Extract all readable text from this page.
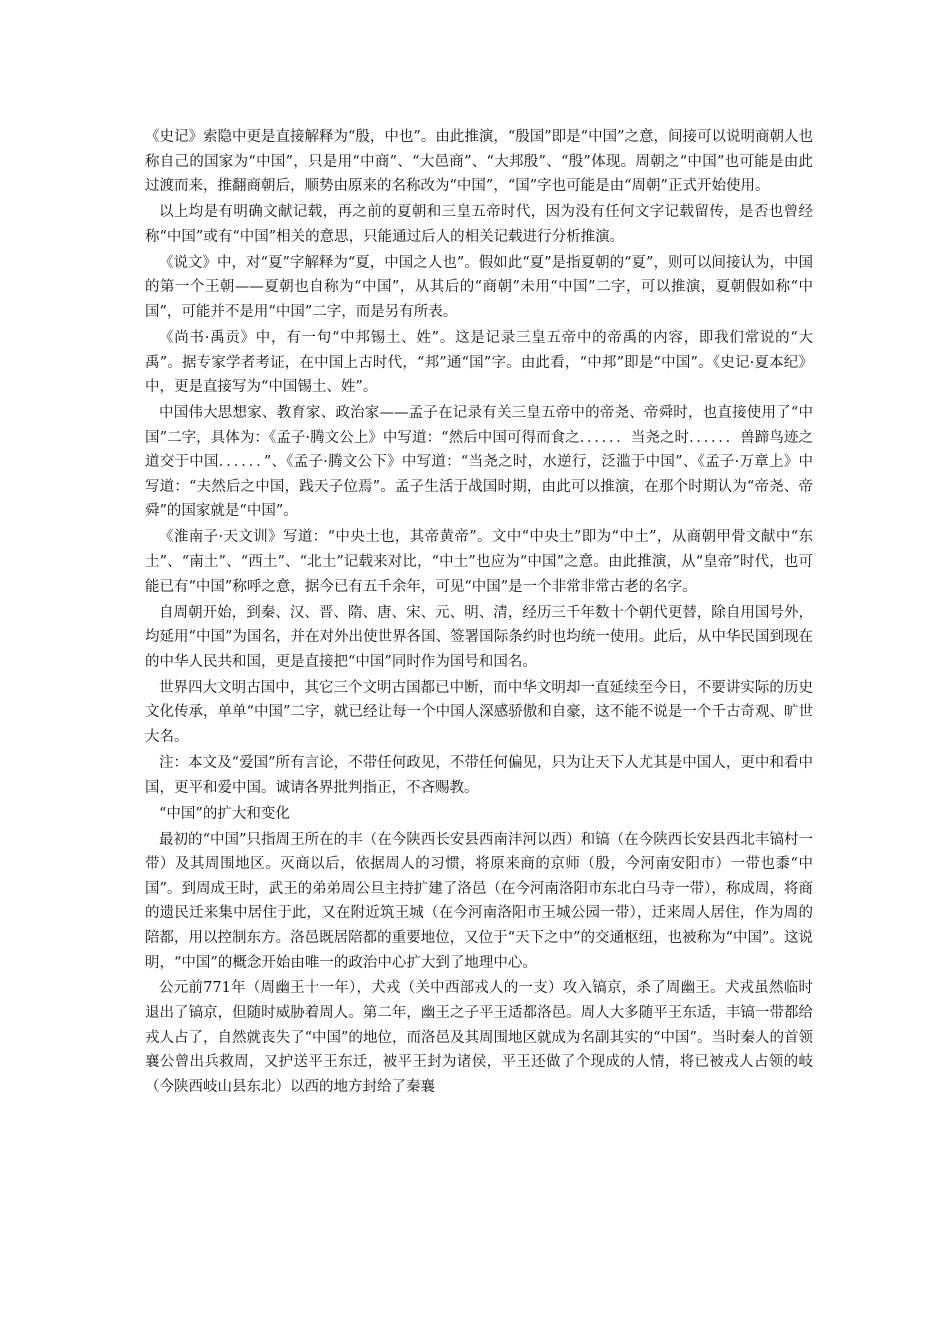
《史记》索隐中更是直接解释为“殷，中也”。由此推演，“殷国”即是“中国”之意，间接可以说明商朝人也称自己的国家为“中国”，只是用“中商”、“大邑商”、“大邦殷”、“殷”体现。周朝之“中国”也可能是由此过渡而来，推翻商朝后，顺势由原来的名称改为“中国”，“国”字也可能是由“周朝”正式开始使用。

以上均是有明确文献记载，再之前的夏朝和三皇五帝时代，因为没有任何文字记载留传，是否也曾经称“中国”或有“中国”相关的意思，只能通过后人的相关记载进行分析推演。

《说文》中，对“夏”字解释为“夏，中国之人也”。假如此“夏”是指夏朝的“夏”，则可以间接认为，中国的第一个王朝——夏朝也自称为“中国”，从其后的“商朝”未用“中国”二字，可以推演，夏朝假如称“中国”，可能并不是用“中国”二字，而是另有所表。

《尚书·禹贡》中，有一句“中邦锡土、姓”。这是记录三皇五帝中的帝禹的内容，即我们常说的“大禹”。据专家学者考证，在中国上古时代，“邦”通“国”字。由此看，“中邦”即是“中国”。《史记·夏本纪》中，更是直接写为“中国锡土、姓”。

中国伟大思想家、教育家、政治家——孟子在记录有关三皇五帝中的帝尧、帝舜时，也直接使用了“中国”二字，具体为：《孟子·腾文公上》中写道：“然后中国可得而食之．．．．．．当尧之时．．．．．．兽蹄鸟迹之道交于中国．．．．．．”、《孟子·腾文公下》中写道：“当尧之时，水逆行，泛滥于中国”、《孟子·万章上》中写道：“夫然后之中国，践天子位焉”。孟子生活于战国时期，由此可以推演，在那个时期认为“帝尧、帝舜”的国家就是“中国”。

《淮南子·天文训》写道：“中央土也，其帝黄帝”。文中“中央土”即为“中土”，从商朝甲骨文献中“东土”、“南土”、“西土”、“北土”记载来对比，“中土”也应为“中国”之意。由此推演，从“皇帝”时代，也可能已有“中国”称呼之意，据今已有五千余年，可见“中国”是一个非常非常古老的名字。

自周朝开始，到秦、汉、晋、隋、唐、宋、元、明、清，经历三千年数十个朝代更替，除自用国号外，均延用“中国”为国名，并在对外出使世界各国、签署国际条约时也均统一使用。此后，从中华民国到现在的中华人民共和国，更是直接把“中国”同时作为国号和国名。

世界四大文明古国中，其它三个文明古国都已中断，而中华文明却一直延续至今日，不要讲实际的历史文化传承，单单“中国”二字，就已经让每一个中国人深感骄傲和自豪，这不能不说是一个千古奇观、旷世大名。

注：本文及“爱国”所有言论，不带任何政见，不带任何偏见，只为让天下人尤其是中国人，更中和看中国，更平和爱中国。诚请各界批判指正，不吝赐教。

“中国”的扩大和变化

最初的“中国”只指周王所在的丰（在今陕西长安县西南沣河以西）和镐（在今陕西长安县西北丰镐村一带）及其周围地区。灭商以后，依据周人的习惯，将原来商的京师（殷，今河南安阳市）一带也黍“中国”。到周成王时，武王的弟弟周公旦主持扩建了洛邑（在今河南洛阳市东北白马寺一带），称成周，将商的遗民迁来集中居住于此，又在附近筑王城（在今河南洛阳市王城公园一带），迁来周人居住，作为周的陪都，用以控制东方。洛邑既居陪都的重要地位，又位于“天下之中”的交通枢纽，也被称为“中国”。这说明，“中国”的概念开始由唯一的政治中心扩大到了地理中心。

公元前771年（周幽王十一年），犬戎（关中西部戎人的一支）攻入镐京，杀了周幽王。犬戎虽然临时退出了镐京，但随时威胁着周人。第二年，幽王之子平王适都洛邑。周人大多随平王东适，丰镐一带都给戎人占了，自然就丧失了“中国”的地位，而洛邑及其周围地区就成为名副其实的“中国”。当时秦人的首领襄公曾出兵救周，又护送平王东迁，被平王封为诸侯，平王还做了个现成的人情，将已被戎人占领的岐（今陕西岐山县东北）以西的地方封给了秦襄
